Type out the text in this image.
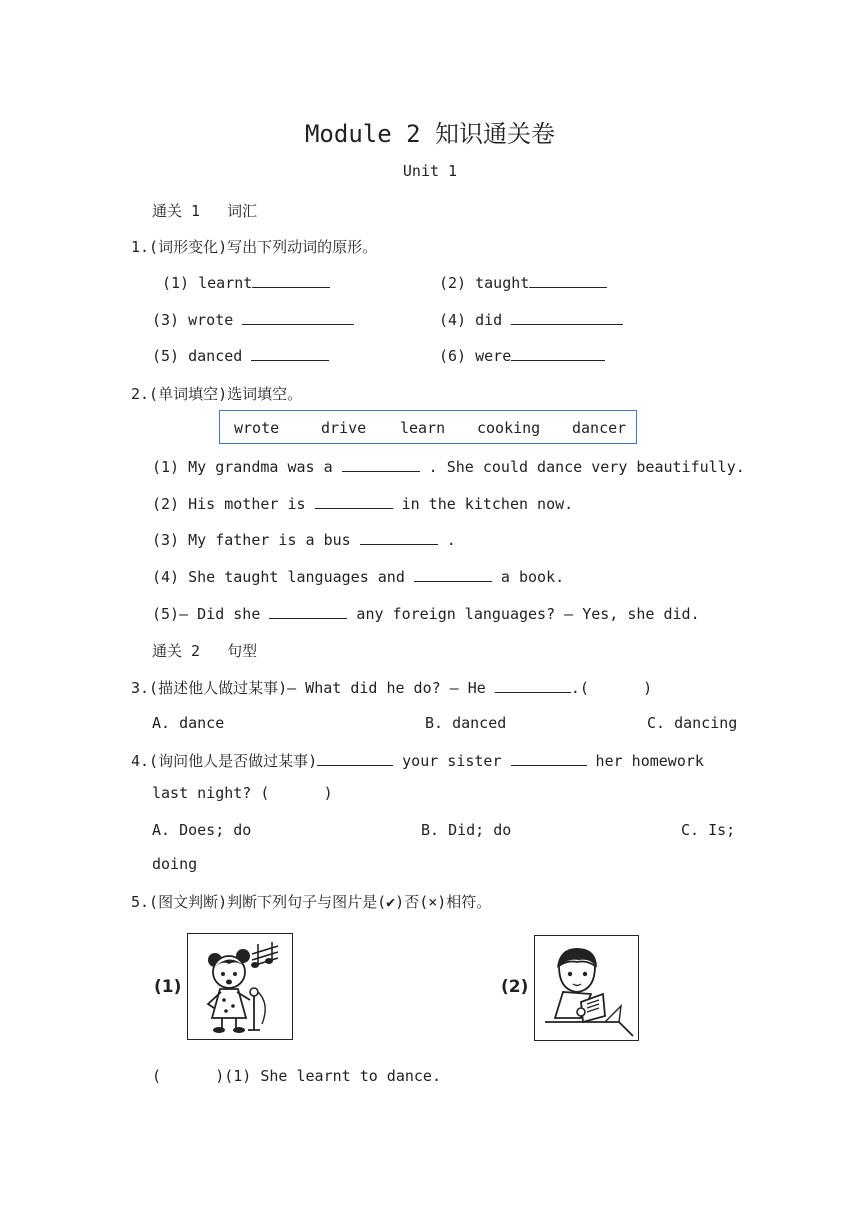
Module 2 知识通关卷
Unit 1
通关 1   词汇
1.(词形变化)写出下列动词的原形。
(1) learnt	(2) taught
(3) wrote	(4) did
(5) danced	(6) were
2.(单词填空)选词填空。
wrote	drive learn cooking dancer
(1) My grandma was a	. She could dance very beautifully.
(2) His mother is	in the kitchen now.
(3) My father is a bus	.
(4) She taught languages and	a book.
(5)— Did she	any foreign languages? — Yes, she did.
通关 2   句型
3.(描述他人做过某事)— What did he do? — He	.(      )
A. dance	B. danced	C. dancing
4.(询问他人是否做过某事)	your sister	her homework
last night? (      )
A. Does; do	B. Did; do	C. Is;
doing
5.(图文判断)判断下列句子与图片是(✔)否(×)相符。
(1)	(2)
(      )(1) She learnt to dance.
